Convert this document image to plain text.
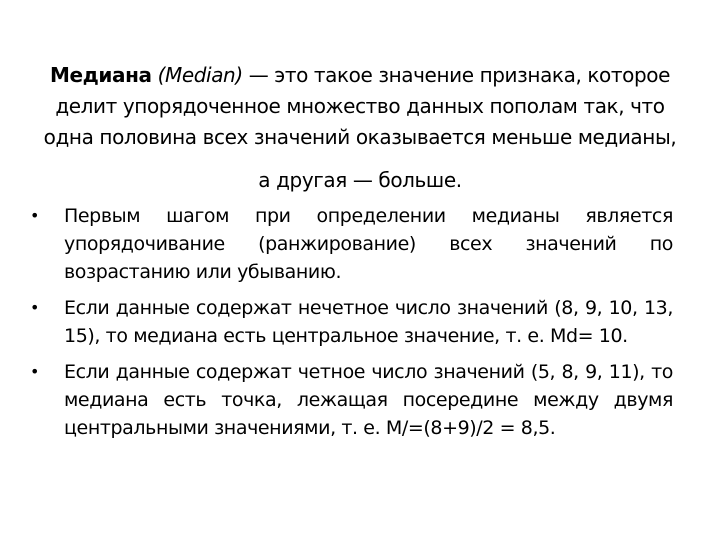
Медиана (Median) — это такое значение признака, которое делит упорядоченное множество данных пополам так, что одна половина всех значений оказывается меньше медианы,
а другая — больше.
•	Первым шагом при определении медианы является упорядочивание (ранжирование) всех значений по возрастанию или убыванию.
•	Если данные содержат нечетное число значений (8, 9, 10, 13, 15), то медиана есть центральное значение, т. е. Md= 10.
•	Если данные содержат четное число значений (5, 8, 9, 11), то медиана есть точка, лежащая посередине между двумя центральными значениями, т. е. М/=(8+9)/2 = 8,5.
